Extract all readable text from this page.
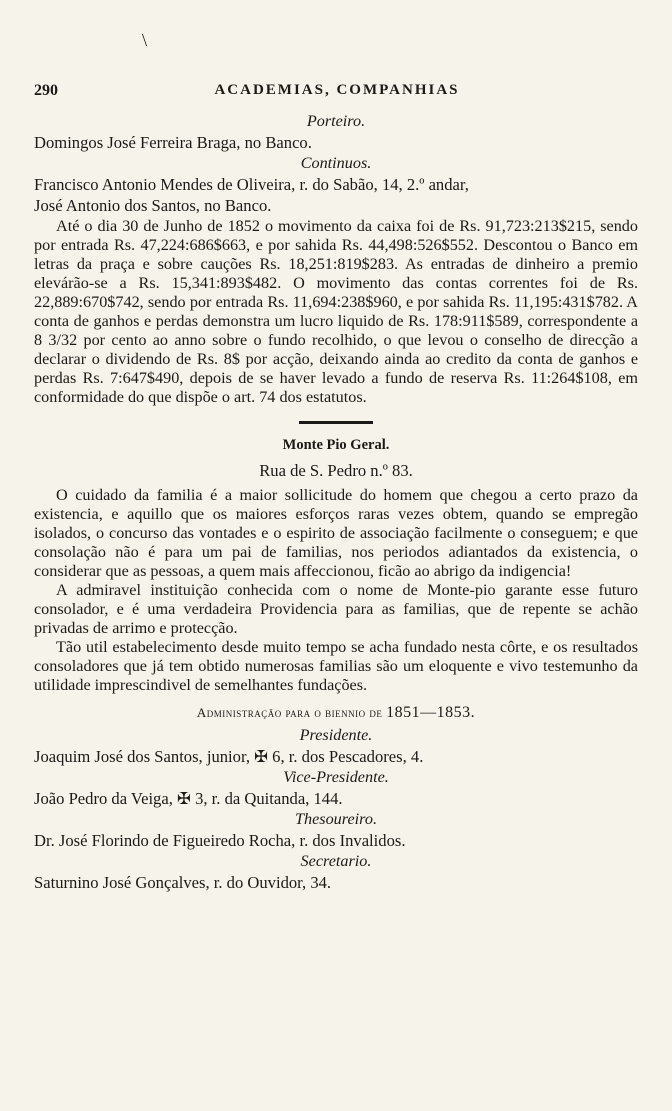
\
290	ACADEMIAS, COMPANHIAS
Porteiro.
Domingos José Ferreira Braga, no Banco.
Continuos.
Francisco Antonio Mendes de Oliveira, r. do Sabão, 14, 2.º andar,
José Antonio dos Santos, no Banco.

Até o dia 30 de Junho de 1852 o movimento da caixa foi de Rs. 91,723:213$215, sendo por entrada Rs. 47,224:686$663, e por sahida Rs. 44,498:526$552. Descontou o Banco em letras da praça e sobre cauções Rs. 18,251:819$283. As entradas de dinheiro a premio elevárão-se a Rs. 15,341:893$482. O movimento das contas correntes foi de Rs. 22,889:670$742, sendo por entrada Rs. 11,694:238$960, e por sahida Rs. 11,195:431$782. A conta de ganhos e perdas demonstra um lucro liquido de Rs. 178:911$589, correspondente a 8 3/32 por cento ao anno sobre o fundo recolhido, o que levou o conselho de direcção a declarar o dividendo de Rs. 8$ por acção, deixando ainda ao credito da conta de ganhos e perdas Rs. 7:647$490, depois de se haver levado a fundo de reserva Rs. 11:264$108, em conformidade do que dispõe o art. 74 dos estatutos.

Monte Pio Geral.
Rua de S. Pedro n.º 83.

O cuidado da familia é a maior sollicitude do homem que chegou a certo prazo da existencia, e aquillo que os maiores esforços raras vezes obtem, quando se empregão isolados, o concurso das vontades e o espirito de associação facilmente o conseguem; e que consolação não é para um pai de familias, nos periodos adiantados da existencia, o considerar que as pessoas, a quem mais affeccionou, ficão ao abrigo da indigencia!

A admiravel instituição conhecida com o nome de Monte-pio garante esse futuro consolador, e é uma verdadeira Providencia para as familias, que de repente se achão privadas de arrimo e protecção.

Tão util estabelecimento desde muito tempo se acha fundado nesta côrte, e os resultados consoladores que já tem obtido numerosas familias são um eloquente e vivo testemunho da utilidade imprescindivel de semelhantes fundações.

Administração para o biennio de 1851—1853.
Presidente.
Joaquim José dos Santos, junior, ✠ 6, r. dos Pescadores, 4.
Vice-Presidente.
João Pedro da Veiga, ✠ 3, r. da Quitanda, 144.
Thesoureiro.
Dr. José Florindo de Figueiredo Rocha, r. dos Invalidos.
Secretario.
Saturnino José Gonçalves, r. do Ouvidor, 34.
